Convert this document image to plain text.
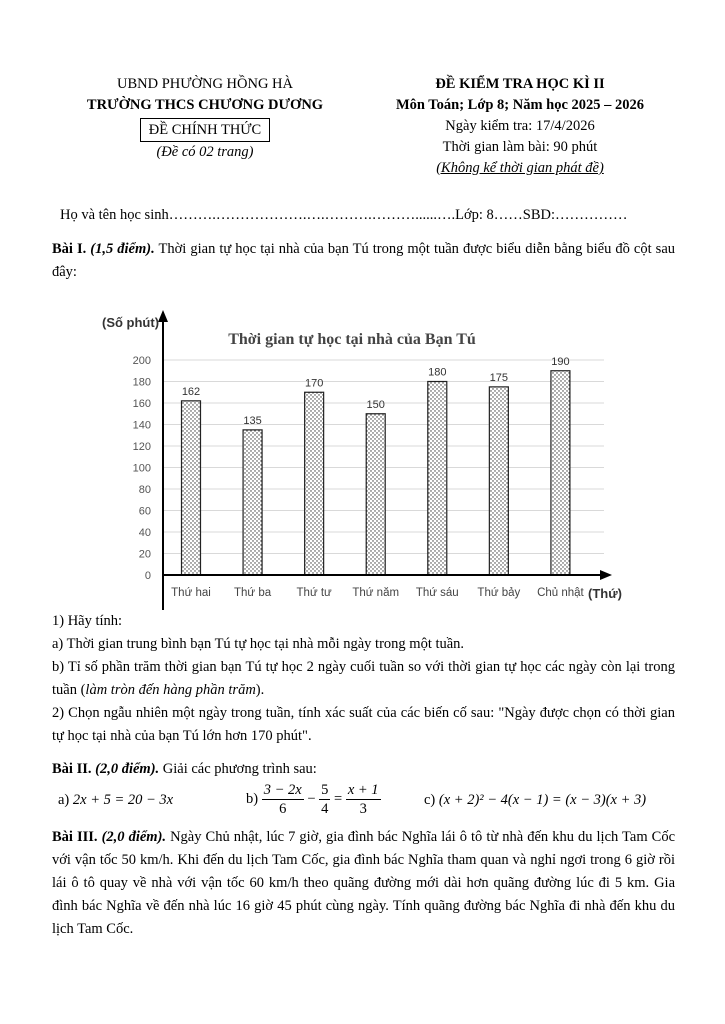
UBND PHƯỜNG HỒNG HÀ
TRƯỜNG THCS CHƯƠNG DƯƠNG
ĐỀ CHÍNH THỨC
(Đề có 02 trang)
ĐỀ KIỂM TRA HỌC KÌ II
Môn Toán; Lớp 8; Năm học 2025 – 2026
Ngày kiểm tra: 17/4/2026
Thời gian làm bài: 90 phút
(Không kể thời gian phát đề)
Họ và tên học sinh……….……………….….……….………......….Lớp: 8……SBD:……………
Bài I. (1,5 điểm). Thời gian tự học tại nhà của bạn Tú trong một tuần được biểu diễn bằng biểu đồ cột sau đây:
0
20
40
60
80
100
120
140
160
180
200
162
Thứ hai
135
Thứ ba
170
Thứ tư
150
Thứ năm
180
Thứ sáu
175
Thứ bảy
190
Chủ nhật
(Số phút)
(Thứ)
Thời gian tự học tại nhà của Bạn Tú
1) Hãy tính:
a) Thời gian trung bình bạn Tú tự học tại nhà mỗi ngày trong một tuần.
b) Tỉ số phần trăm thời gian bạn Tú tự học 2 ngày cuối tuần so với thời gian tự học các ngày còn lại trong tuần (làm tròn đến hàng phần trăm).
2) Chọn ngẫu nhiên một ngày trong tuần, tính xác suất của các biến cố sau: "Ngày được chọn có thời gian tự học tại nhà của bạn Tú lớn hơn 170 phút".
Bài II. (2,0 điểm). Giải các phương trình sau:
a) 2x + 5 = 20 − 3x	$b) \frac{3 - 2x}{6} - \frac{5}{4} = \frac{x + 1}{3}$	c) (x + 2)² − 4(x − 1) = (x − 3)(x + 3)
Bài III. (2,0 điểm). Ngày Chủ nhật, lúc 7 giờ, gia đình bác Nghĩa lái ô tô từ nhà đến khu du lịch Tam Cốc với vận tốc 50 km/h. Khi đến du lịch Tam Cốc, gia đình bác Nghĩa tham quan và nghỉ ngơi trong 6 giờ rồi lái ô tô quay về nhà với vận tốc 60 km/h theo quãng đường mới dài hơn quãng đường lúc đi 5 km. Gia đình bác Nghĩa về đến nhà lúc 16 giờ 45 phút cùng ngày. Tính quãng đường bác Nghĩa đi nhà đến khu du lịch Tam Cốc.
